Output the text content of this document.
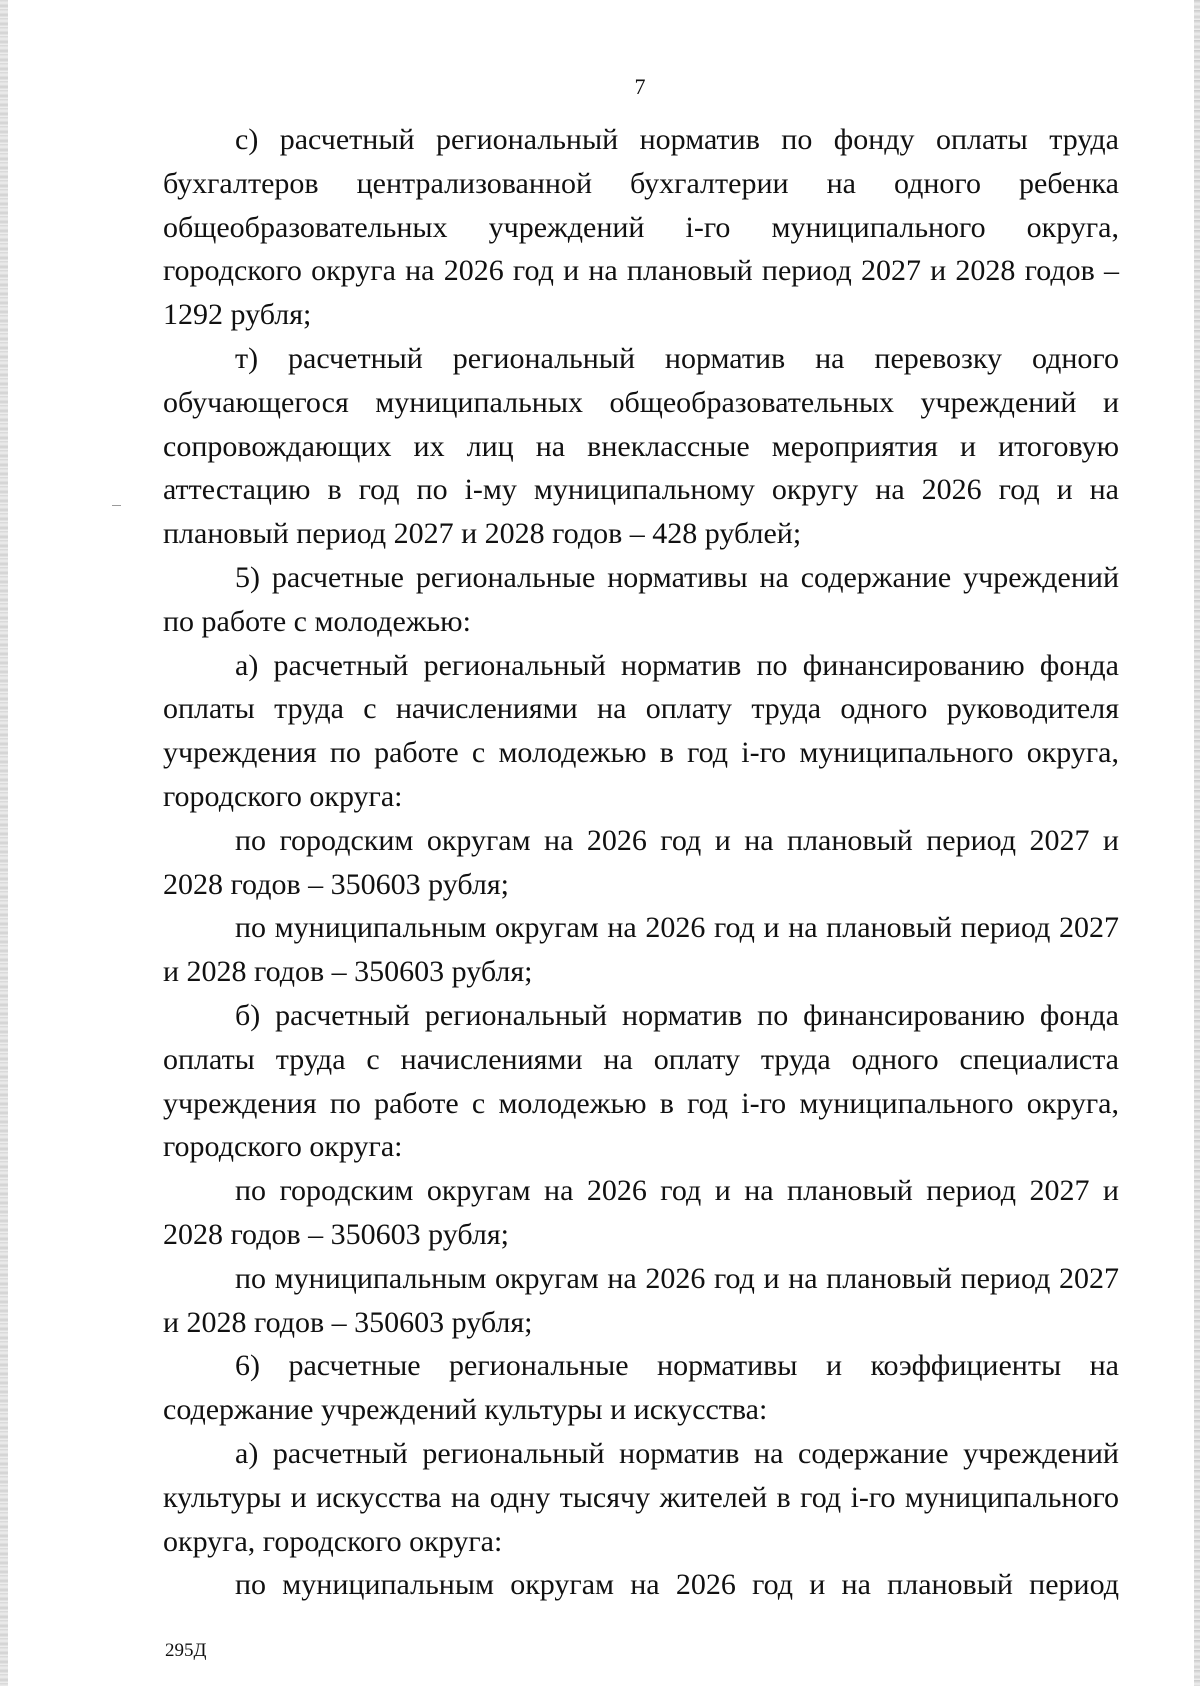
7

с) расчетный региональный норматив по фонду оплаты труда бухгалтеров централизованной бухгалтерии на одного ребенка общеобразовательных учреждений i-го муниципального округа, городского округа на 2026 год и на плановый период 2027 и 2028 годов – 1292 рубля;

т) расчетный региональный норматив на перевозку одного обучающегося муниципальных общеобразовательных учреждений и сопровождающих их лиц на внеклассные мероприятия и итоговую аттестацию в год по i-му муниципальному округу на 2026 год и на плановый период 2027 и 2028 годов – 428 рублей;

5) расчетные региональные нормативы на содержание учреждений по работе с молодежью:

а) расчетный региональный норматив по финансированию фонда оплаты труда с начислениями на оплату труда одного руководителя учреждения по работе с молодежью в год i-го муниципального округа, городского округа:

по городским округам на 2026 год и на плановый период 2027 и 2028 годов – 350603 рубля;

по муниципальным округам на 2026 год и на плановый период 2027 и 2028 годов – 350603 рубля;

б) расчетный региональный норматив по финансированию фонда оплаты труда с начислениями на оплату труда одного специалиста учреждения по работе с молодежью в год i-го муниципального округа, городского округа:

по городским округам на 2026 год и на плановый период 2027 и 2028 годов – 350603 рубля;

по муниципальным округам на 2026 год и на плановый период 2027 и 2028 годов – 350603 рубля;

6) расчетные региональные нормативы и коэффициенты на содержание учреждений культуры и искусства:

а) расчетный региональный норматив на содержание учреждений культуры и искусства на одну тысячу жителей в год i-го муниципального округа, городского округа:

по муниципальным округам на 2026 год и на плановый период

295Д
